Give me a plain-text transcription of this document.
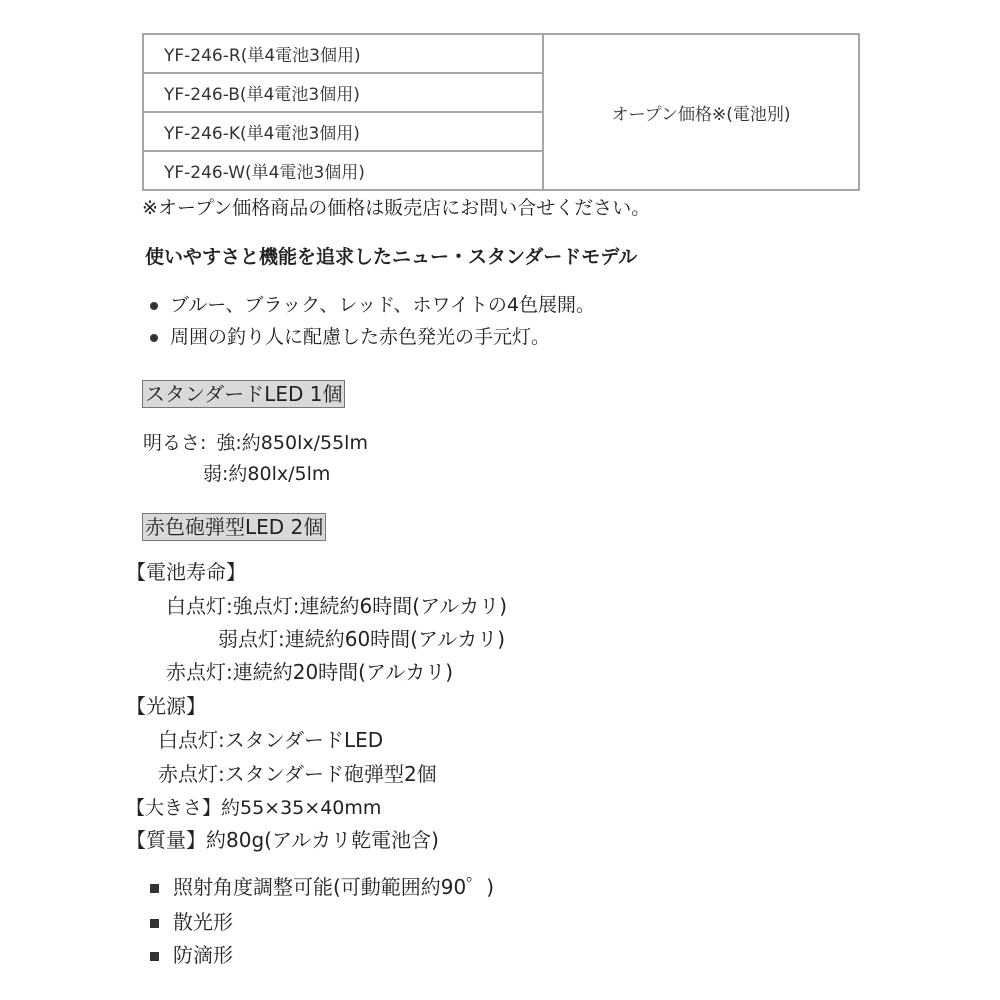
YF-246-R(単4電池3個用)	オープン価格※(電池別)
YF-246-B(単4電池3個用)
YF-246-K(単4電池3個用)
YF-246-W(単4電池3個用)
※オープン価格商品の価格は販売店にお問い合せください。
使いやすさと機能を追求したニュー・スタンダードモデル
ブルー、ブラック、レッド、ホワイトの4色展開。
周囲の釣り人に配慮した赤色発光の手元灯。
スタンダードLED 1個
明るさ: 強:約850lx/55lm
弱:約80lx/5lm
赤色砲弾型LED 2個
【電池寿命】
白点灯:強点灯:連続約6時間(アルカリ)
弱点灯:連続約60時間(アルカリ)
赤点灯:連続約20時間(アルカリ)
【光源】
白点灯:スタンダードLED
赤点灯:スタンダード砲弾型2個
【大きさ】約55×35×40mm
【質量】約80g(アルカリ乾電池含)
照射角度調整可能(可動範囲約90゜)
散光形
防滴形
